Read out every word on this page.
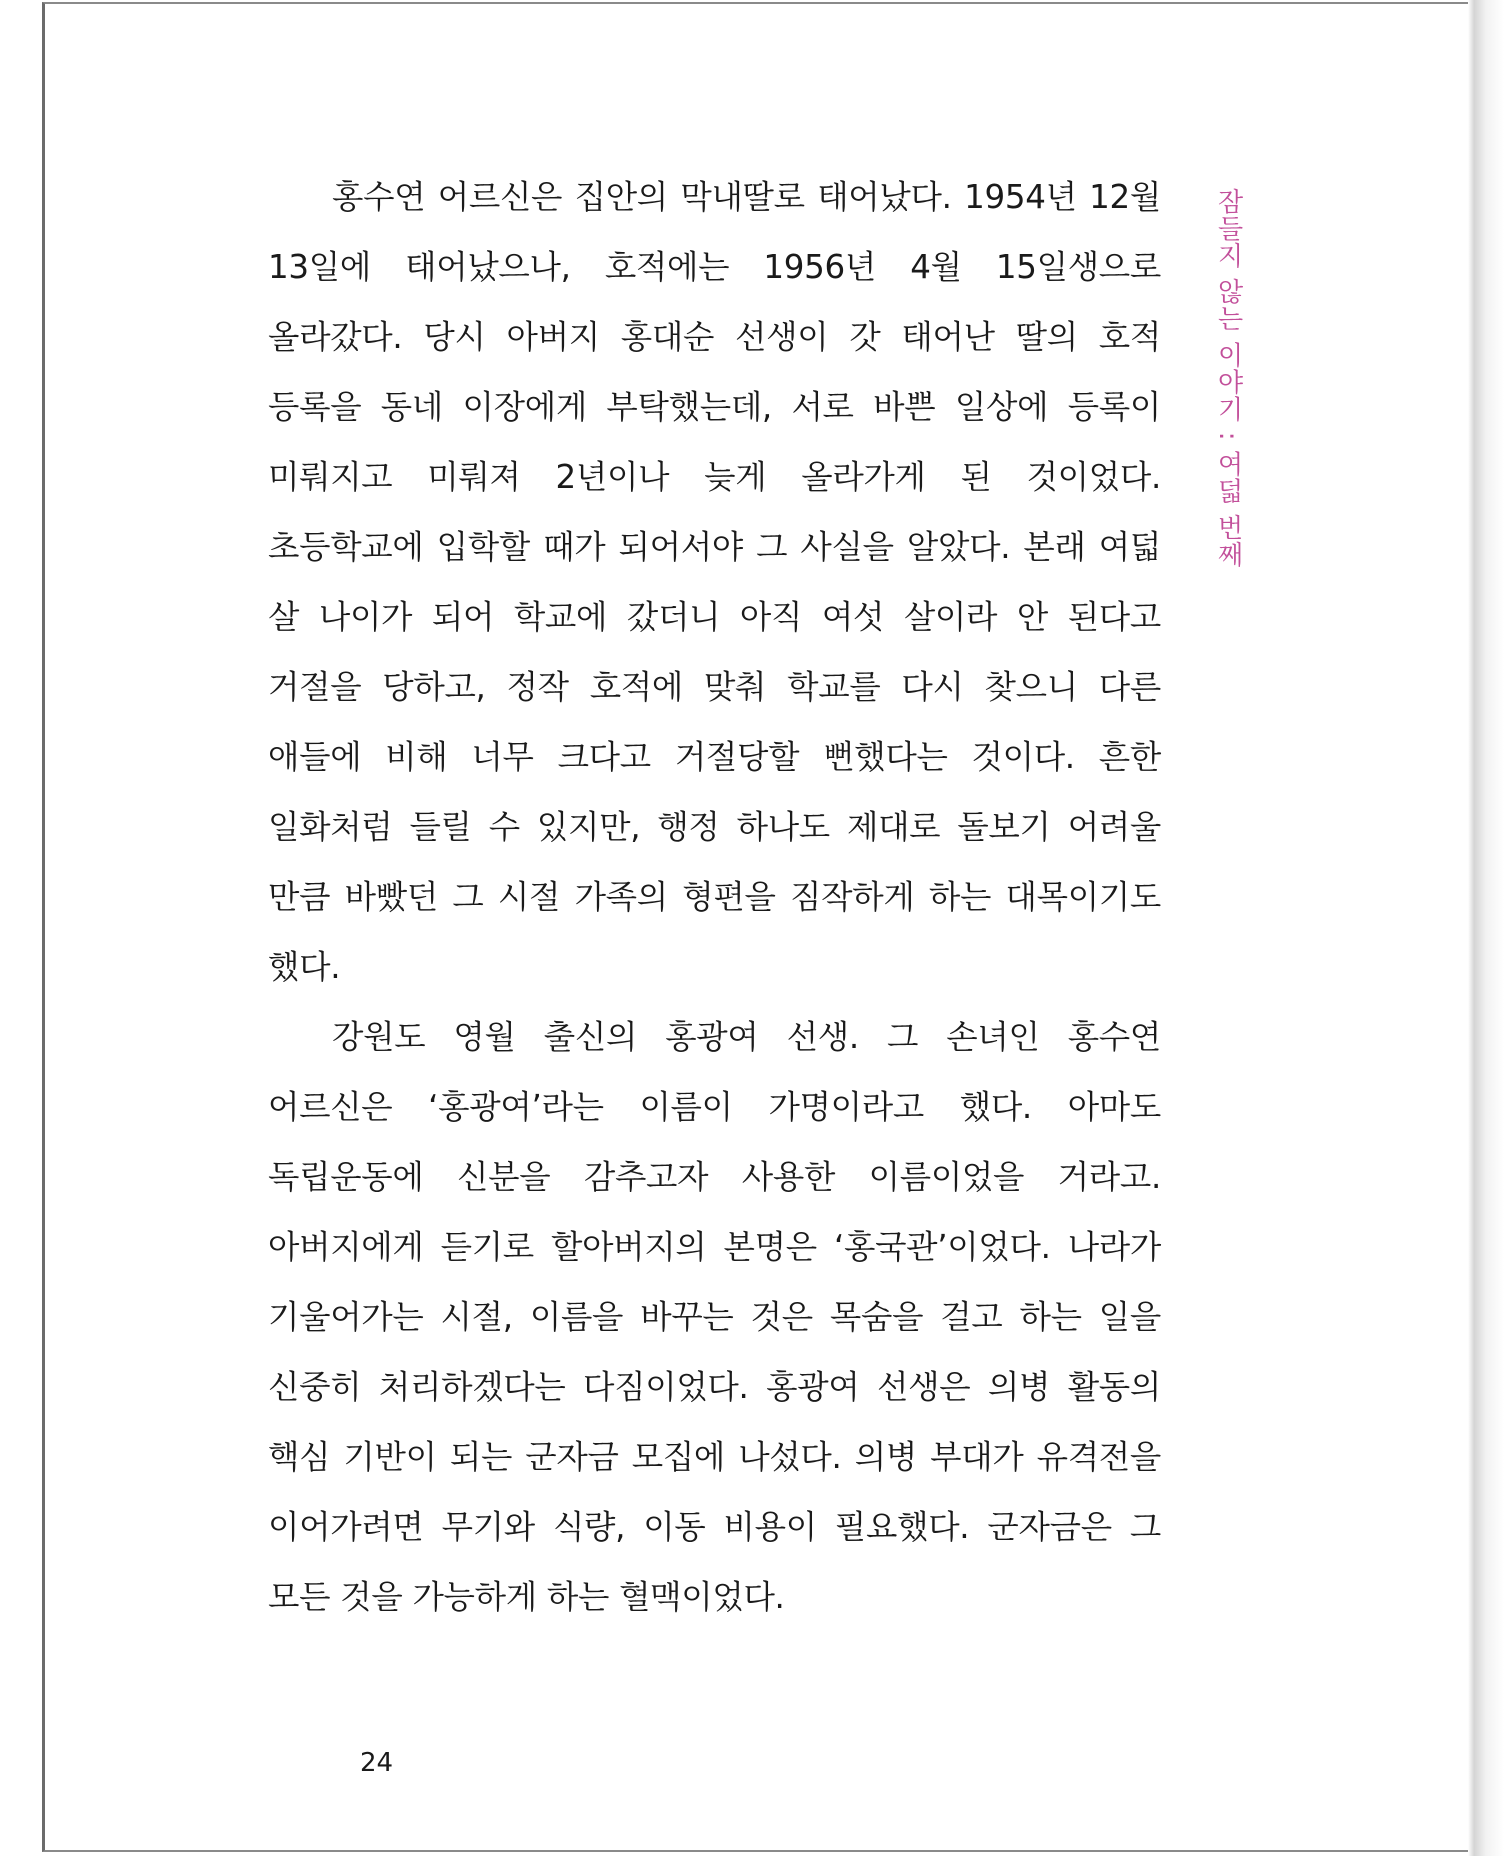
홍수연 어르신은 집안의 막내딸로 태어났다. 1954년 12월 13일에 태어났으나, 호적에는 1956년 4월 15일생으로 올라갔다. 당시 아버지 홍대순 선생이 갓 태어난 딸의 호적 등록을 동네 이장에게 부탁했는데, 서로 바쁜 일상에 등록이 미뤄지고 미뤄져 2년이나 늦게 올라가게 된 것이었다. 초등학교에 입학할 때가 되어서야 그 사실을 알았다. 본래 여덟 살 나이가 되어 학교에 갔더니 아직 여섯 살이라 안 된다고 거절을 당하고, 정작 호적에 맞춰 학교를 다시 찾으니 다른 애들에 비해 너무 크다고 거절당할 뻔했다는 것이다. 흔한 일화처럼 들릴 수 있지만, 행정 하나도 제대로 돌보기 어려울 만큼 바빴던 그 시절 가족의 형편을 짐작하게 하는 대목이기도 했다.

강원도 영월 출신의 홍광여 선생. 그 손녀인 홍수연 어르신은 ‘홍광여’라는 이름이 가명이라고 했다. 아마도 독립운동에 신분을 감추고자 사용한 이름이었을 거라고. 아버지에게 듣기로 할아버지의 본명은 ‘홍국관’이었다. 나라가 기울어가는 시절, 이름을 바꾸는 것은 목숨을 걸고 하는 일을 신중히 처리하겠다는 다짐이었다. 홍광여 선생은 의병 활동의 핵심 기반이 되는 군자금 모집에 나섰다. 의병 부대가 유격전을 이어가려면 무기와 식량, 이동 비용이 필요했다. 군자금은 그 모든 것을 가능하게 하는 혈맥이었다.

잠들지 않는 이야기 : 여덟 번째
24
